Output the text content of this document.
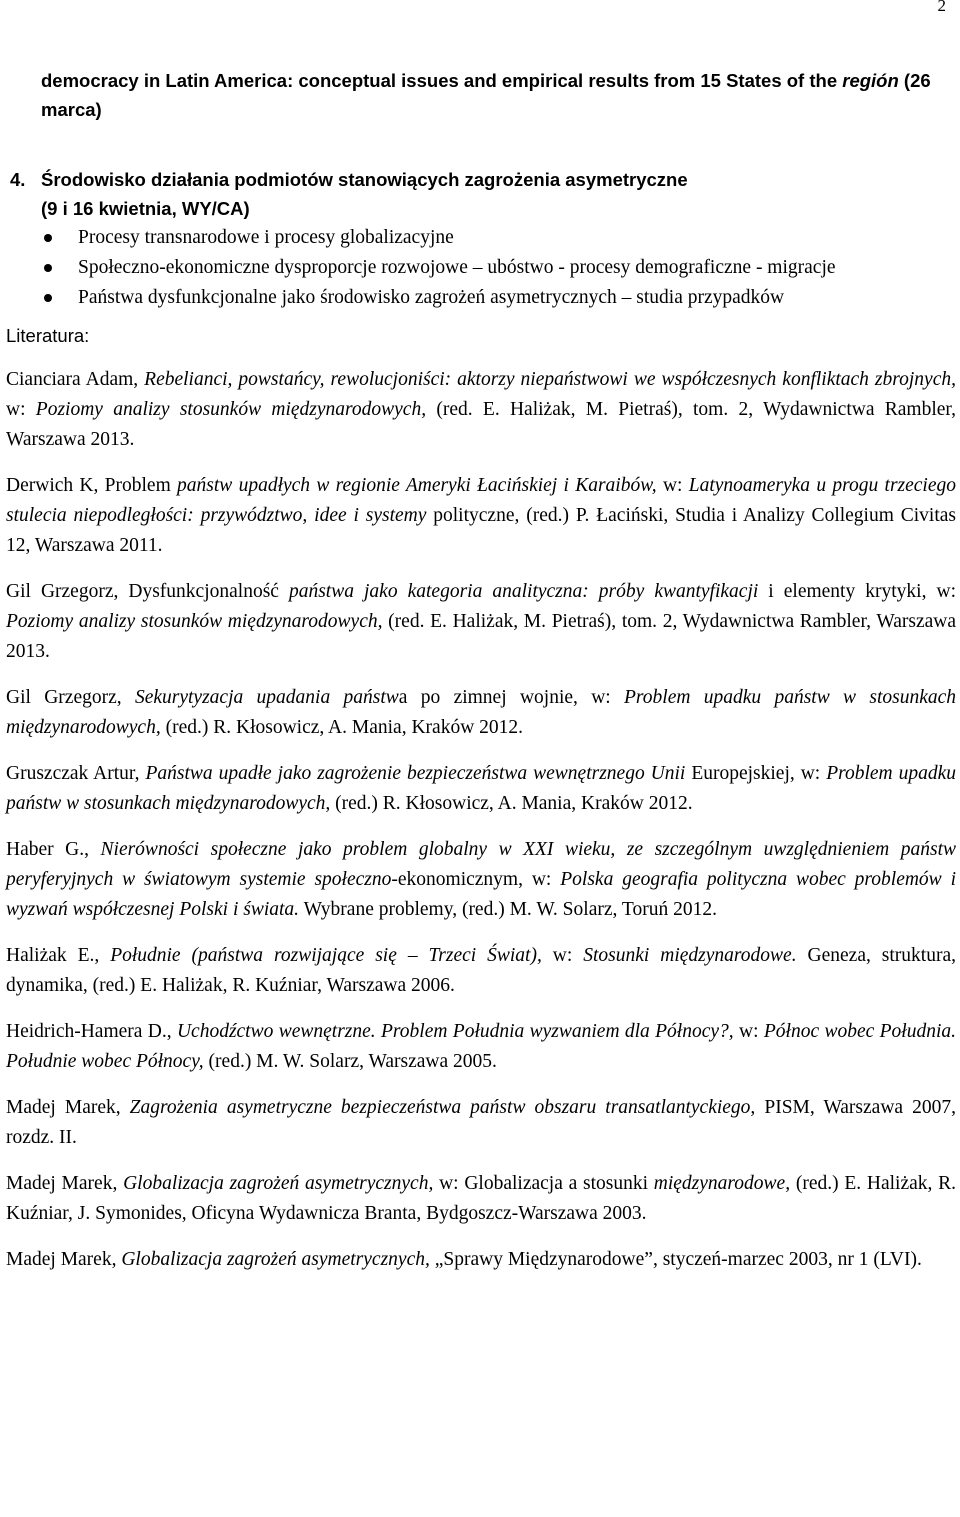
2
democracy in Latin America: conceptual issues and empirical results from 15 States of the región (26 marca)
4. Środowisko działania podmiotów stanowiących zagrożenia asymetryczne
(9 i 16 kwietnia, WY/CA)
Procesy transnarodowe i procesy globalizacyjne
Społeczno-ekonomiczne dysproporcje rozwojowe – ubóstwo - procesy demograficzne - migracje
Państwa dysfunkcjonalne jako środowisko zagrożeń asymetrycznych – studia przypadków
Literatura:

Cianciara Adam, Rebelianci, powstańcy, rewolucjoniści: aktorzy niepaństwowi we współczesnych konfliktach zbrojnych, w: Poziomy analizy stosunków międzynarodowych, (red. E. Haliżak, M. Pietraś), tom. 2, Wydawnictwa Rambler, Warszawa 2013.

Derwich K, Problem państw upadłych w regionie Ameryki Łacińskiej i Karaibów, w: Latynoameryka u progu trzeciego stulecia niepodległości: przywództwo, idee i systemy polityczne, (red.) P. Łaciński, Studia i Analizy Collegium Civitas 12, Warszawa 2011.

Gil Grzegorz, Dysfunkcjonalność państwa jako kategoria analityczna: próby kwantyfikacji i elementy krytyki, w: Poziomy analizy stosunków międzynarodowych, (red. E. Haliżak, M. Pietraś), tom. 2, Wydawnictwa Rambler, Warszawa 2013.

Gil Grzegorz, Sekurytyzacja upadania państwa po zimnej wojnie, w: Problem upadku państw w stosunkach międzynarodowych, (red.) R. Kłosowicz, A. Mania, Kraków 2012.

Gruszczak Artur, Państwa upadłe jako zagrożenie bezpieczeństwa wewnętrznego Unii Europejskiej, w: Problem upadku państw w stosunkach międzynarodowych, (red.) R. Kłosowicz, A. Mania, Kraków 2012.

Haber G., Nierówności społeczne jako problem globalny w XXI wieku, ze szczególnym uwzględnieniem państw peryferyjnych w światowym systemie społeczno-ekonomicznym, w: Polska geografia polityczna wobec problemów i wyzwań współczesnej Polski i świata. Wybrane problemy, (red.) M. W. Solarz, Toruń 2012.

Haliżak E., Południe (państwa rozwijające się – Trzeci Świat), w: Stosunki międzynarodowe. Geneza, struktura, dynamika, (red.) E. Haliżak, R. Kuźniar, Warszawa 2006.

Heidrich-Hamera D., Uchodźctwo wewnętrzne. Problem Południa wyzwaniem dla Północy?, w: Północ wobec Południa. Południe wobec Północy, (red.) M. W. Solarz, Warszawa 2005.

Madej Marek, Zagrożenia asymetryczne bezpieczeństwa państw obszaru transatlantyckiego, PISM, Warszawa 2007, rozdz. II.

Madej Marek, Globalizacja zagrożeń asymetrycznych, w: Globalizacja a stosunki międzynarodowe, (red.) E. Haliżak, R. Kuźniar, J. Symonides, Oficyna Wydawnicza Branta, Bydgoszcz-Warszawa 2003.

Madej Marek, Globalizacja zagrożeń asymetrycznych, „Sprawy Międzynarodowe”, styczeń-marzec 2003, nr 1 (LVI).
